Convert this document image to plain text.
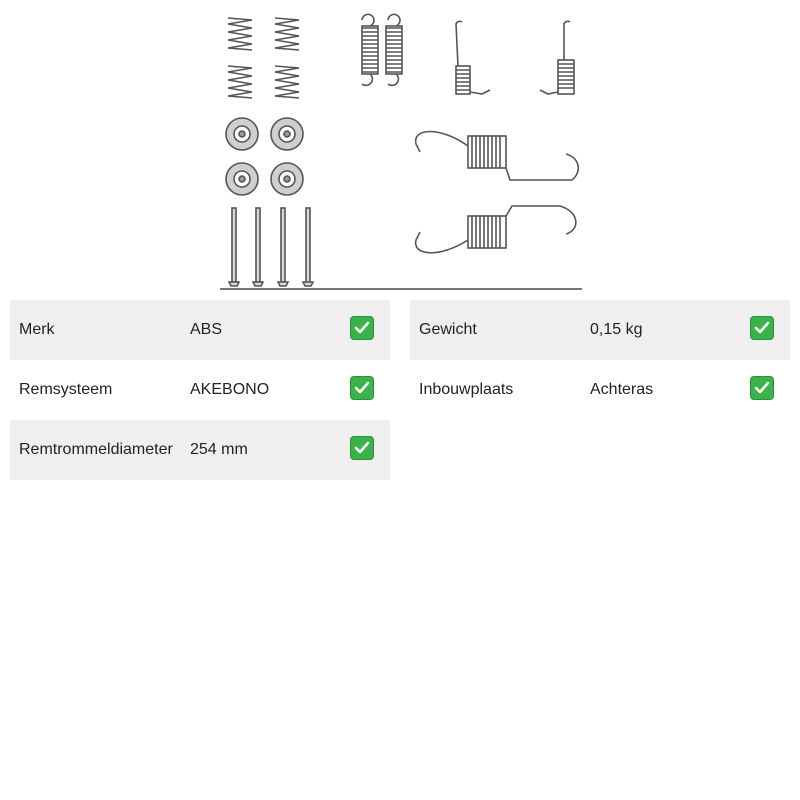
Merk	ABS
Remsysteem	AKEBONO
Remtrommeldiameter 254 mm
Gewicht	0,15 kg
Inbouwplaats	Achteras
